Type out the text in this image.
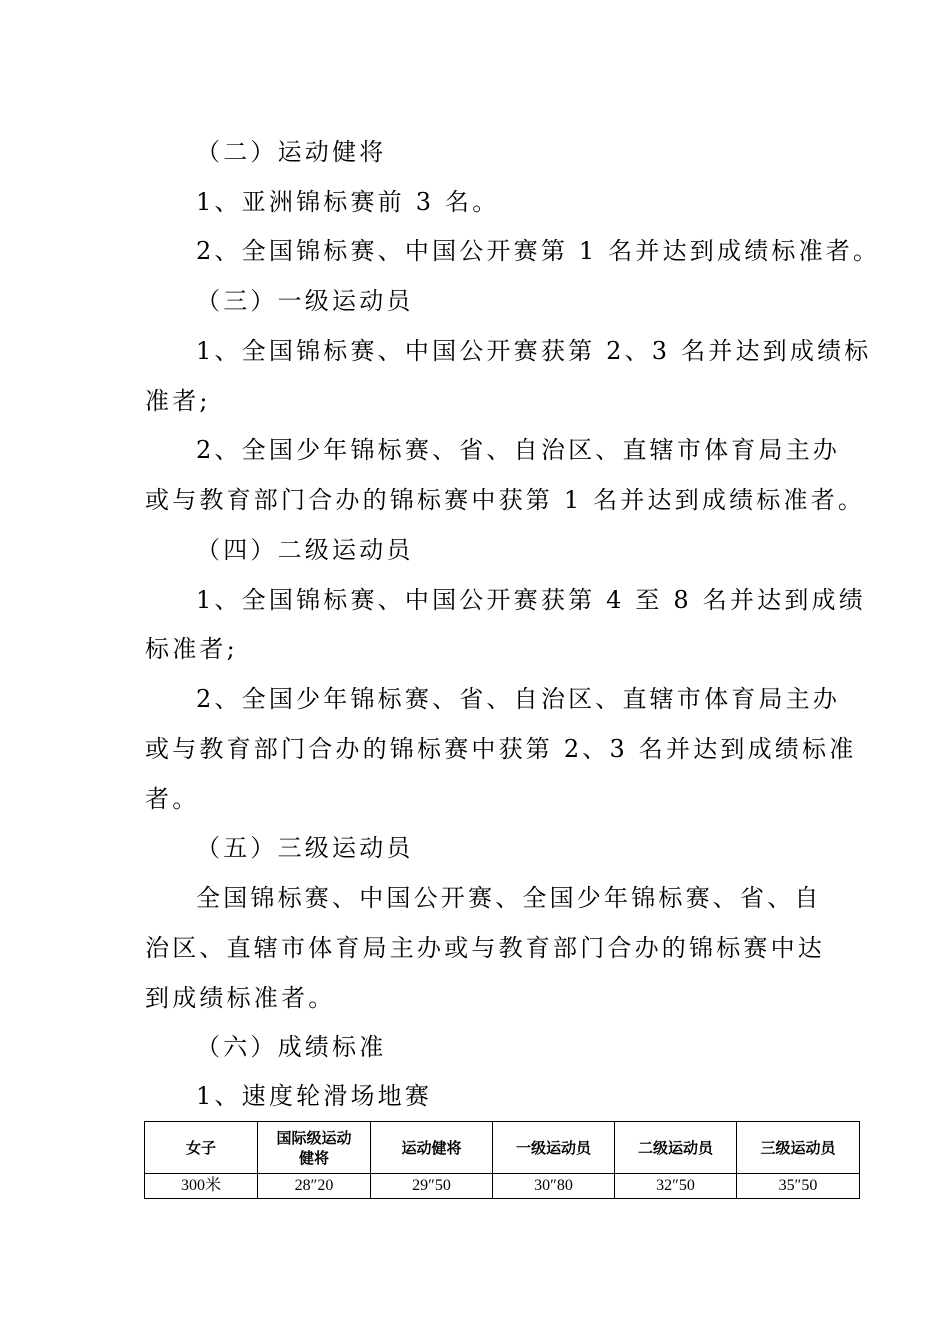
（二）运动健将
1、亚洲锦标赛前 3 名。
2、全国锦标赛、中国公开赛第 1 名并达到成绩标准者。
（三）一级运动员
1、全国锦标赛、中国公开赛获第 2、3 名并达到成绩标
准者;
2、全国少年锦标赛、省、自治区、直辖市体育局主办
或与教育部门合办的锦标赛中获第 1 名并达到成绩标准者。
（四）二级运动员
1、全国锦标赛、中国公开赛获第 4 至 8 名并达到成绩
标准者;
2、全国少年锦标赛、省、自治区、直辖市体育局主办
或与教育部门合办的锦标赛中获第 2、3 名并达到成绩标准
者。
（五）三级运动员
全国锦标赛、中国公开赛、全国少年锦标赛、省、自
治区、直辖市体育局主办或与教育部门合办的锦标赛中达
到成绩标准者。
（六）成绩标准
1、速度轮滑场地赛
女子	国际级运动健将	运动健将	一级运动员	二级运动员	三级运动员
300米	28″20	29″50	30″80	32″50	35″50
